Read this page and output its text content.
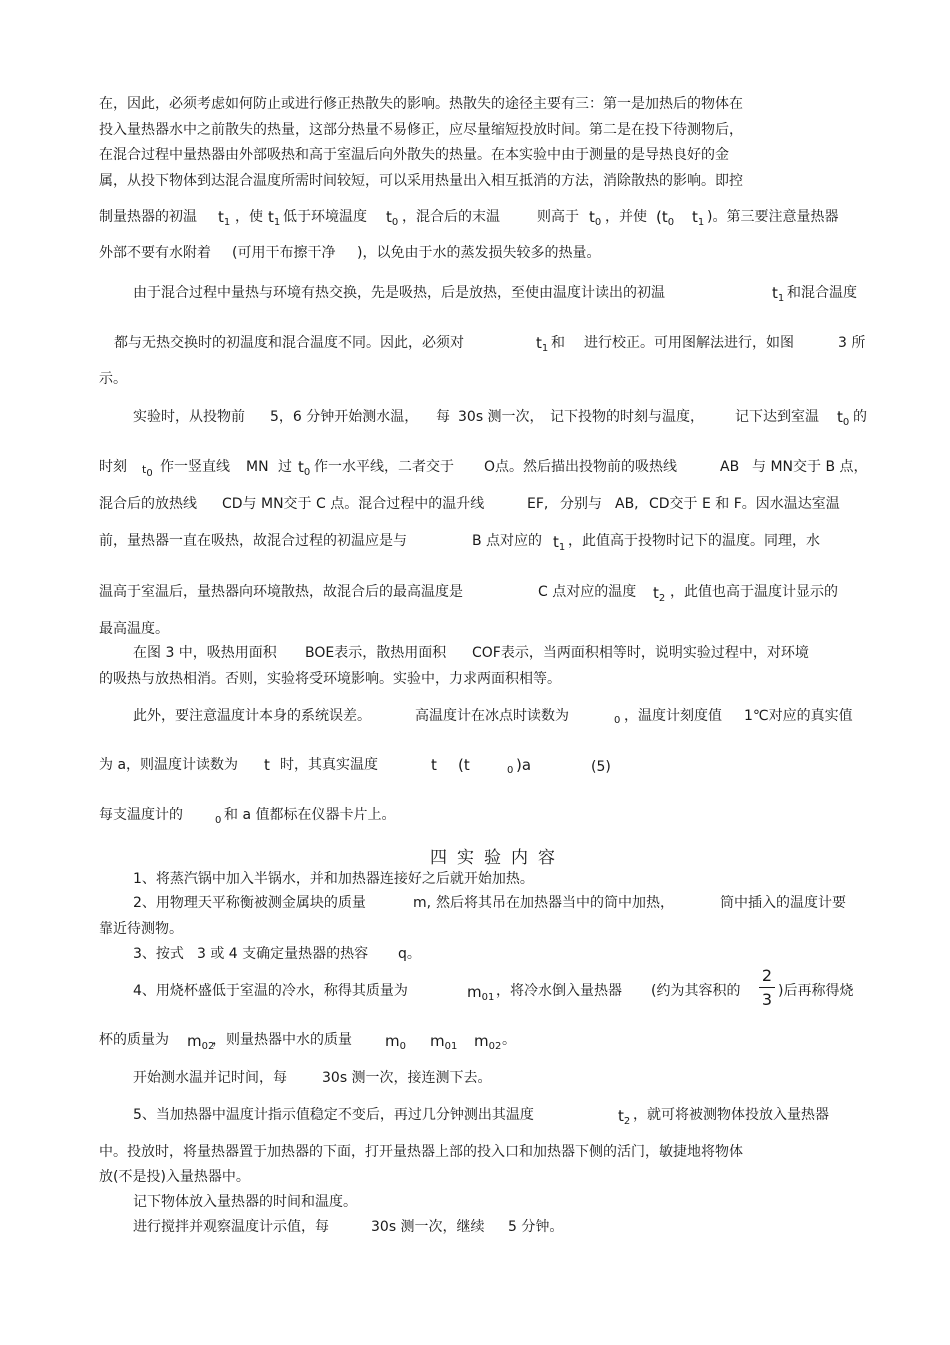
在，因此，必须考虑如何防止或进行修正热散失的影响。热散失的途径主要有三：第一是加热后的物体在
投入量热器水中之前散失的热量，这部分热量不易修正，应尽量缩短投放时间。第二是在投下待测物后，
在混合过程中量热器由外部吸热和高于室温后向外散失的热量。在本实验中由于测量的是导热良好的金
属，从投下物体到达混合温度所需时间较短，可以采用热量出入相互抵消的方法，消除散热的影响。即控
制量热器的初温 $t_1$ ，使 $t_1$ 低于环境温度 $t_0$ ，混合后的末温	则高于 $t_0$ ，并使 ($t_0$ $t_1$ )。第三要注意量热器
外部不要有水附着 (可用干布擦干净 )，以免由于水的蒸发损失较多的热量。
由于混合过程中量热与环境有热交换，先是吸热，后是放热，至使由温度计读出的初温	$t_1$ 和混合温度
都与无热交换时的初温度和混合温度不同。因此，必须对	$t_1$ 和 进行校正。可用图解法进行，如图	3 所
示。
实验时，从投物前 5，6 分钟开始测水温， 每 30s 测一次， 记下投物的时刻与温度， 记下达到室温 $t_0$ 的
时刻 $t_0$ 作一竖直线 MN 过 $t_0$ 作一水平线，二者交于 O点。然后描出投物前的吸热线	AB 与 MN交于 B 点，
混合后的放热线 CD与 MN交于 C 点。混合过程中的温升线	EF, 分别与 AB, CD交于 E 和 F。因水温达室温
前，量热器一直在吸热，故混合过程的初温应是与	B 点对应的 $t_1$ ，此值高于投物时记下的温度。同理，水
温高于室温后，量热器向环境散热，故混合后的最高温度是	C 点对应的温度 $t_2$ ，此值也高于温度计显示的
最高温度。
在图 3 中，吸热用面积 BOE表示，散热用面积 COF表示，当两面积相等时，说明实验过程中，对环境
的吸热与放热相消。否则，实验将受环境影响。实验中，力求两面积相等。
此外，要注意温度计本身的系统误差。	高温度计在冰点时读数为	0 ，温度计刻度值 1℃对应的真实值
为 a，则温度计读数为 t 时，其真实温度	t (t	0 )a	(5)
每支温度计的	0 和 a 值都标在仪器卡片上。
四实验内容
1、将蒸汽锅中加入半锅水，并和加热器连接好之后就开始加热。
2、用物理天平称衡被测金属块的质量	m, 然后将其吊在加热器当中的筒中加热，	筒中插入的温度计要
靠近待测物。
3、按式 3 或 4 支确定量热器的热容 q。
4、用烧杯盛低于室温的冷水，称得其质量为	$m_{01}$ ，将冷水倒入量热器 (约为其容积的
2
3 )后再称得烧
杯的质量为 $m_{02}$
，则量热器中水的质量 $m_0$ $m_{01}$ $m_{02}$ 。
开始测水温并记时间，每	30s 测一次，接连测下去。
5、当加热器中温度计指示值稳定不变后，再过几分钟测出其温度	$t_2$ ，就可将被测物体投放入量热器
中。投放时，将量热器置于加热器的下面，打开量热器上部的投入口和加热器下侧的活门，敏捷地将物体
放(不是投)入量热器中。
记下物体放入量热器的时间和温度。
进行搅拌并观察温度计示值，每	30s 测一次，继续 5 分钟。
